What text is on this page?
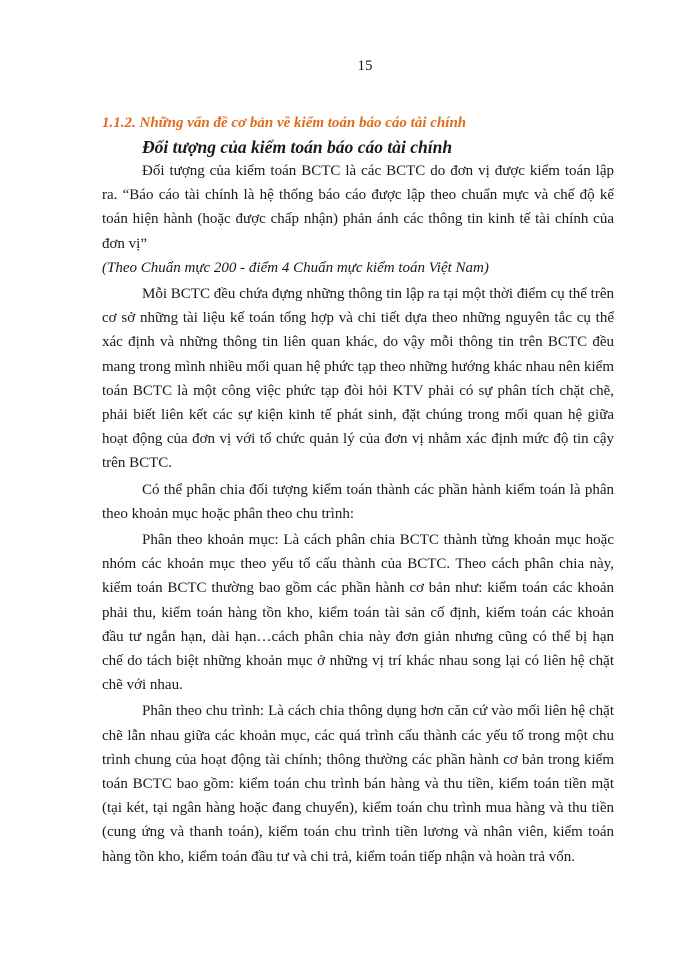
15
1.1.2. Những vấn đề cơ bản về kiểm toán báo cáo tài chính
Đối tượng của kiểm toán báo cáo tài chính

Đối tượng của kiểm toán BCTC là các BCTC do đơn vị được kiểm toán lập ra. “Báo cáo tài chính là hệ thống báo cáo được lập theo chuẩn mực và chế độ kế toán hiện hành (hoặc được chấp nhận) phản ánh các thông tin kinh tế tài chính của đơn vị”

(Theo Chuẩn mực 200 - điểm 4 Chuẩn mực kiểm toán Việt Nam)

Mỗi BCTC đều chứa đựng những thông tin lập ra tại một thời điểm cụ thể trên cơ sở những tài liệu kế toán tổng hợp và chi tiết dựa theo những nguyên tắc cụ thể xác định và những thông tin liên quan khác, do vậy mỗi thông tin trên BCTC đều mang trong mình nhiều mối quan hệ phức tạp theo những hướng khác nhau nên kiểm toán BCTC là một công việc phức tạp đòi hỏi KTV phải có sự phân tích chặt chẽ, phải biết liên kết các sự kiện kinh tế phát sinh, đặt chúng trong mối quan hệ giữa hoạt động của đơn vị với tổ chức quản lý của đơn vị nhằm xác định mức độ tin cậy trên BCTC.

Có thể phân chia đối tượng kiểm toán thành các phần hành kiểm toán là phân theo khoản mục hoặc phân theo chu trình:

Phân theo khoản mục: Là cách phân chia BCTC thành từng khoản mục hoặc nhóm các khoản mục theo yếu tố cấu thành của BCTC. Theo cách phân chia này, kiểm toán BCTC thường bao gồm các phần hành cơ bản như: kiểm toán các khoản phải thu, kiểm toán hàng tồn kho, kiểm toán tài sản cố định, kiểm toán các khoản đầu tư ngắn hạn, dài hạn…cách phân chia này đơn giản nhưng cũng có thể bị hạn chế do tách biệt những khoản mục ở những vị trí khác nhau song lại có liên hệ chặt chẽ với nhau.

Phân theo chu trình: Là cách chia thông dụng hơn căn cứ vào mối liên hệ chặt chẽ lẫn nhau giữa các khoản mục, các quá trình cấu thành các yếu tố trong một chu trình chung của hoạt động tài chính; thông thường các phần hành cơ bản trong kiểm toán BCTC bao gồm: kiểm toán chu trình bán hàng và thu tiền, kiểm toán tiền mặt (tại két, tại ngân hàng hoặc đang chuyển), kiểm toán chu trình mua hàng và thu tiền (cung ứng và thanh toán), kiểm toán chu trình tiền lương và nhân viên, kiểm toán hàng tồn kho, kiểm toán đầu tư và chi trả, kiểm toán tiếp nhận và hoàn trả vốn.
